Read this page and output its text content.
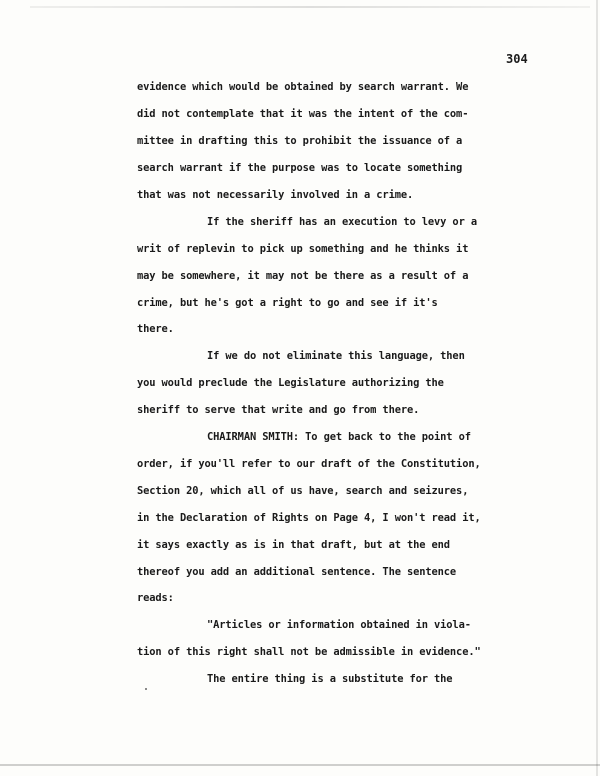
304
evidence which would be obtained by search warrant. We
did not contemplate that it was the intent of the com-
mittee in drafting this to prohibit the issuance of a
search warrant if the purpose was to locate something
that was not necessarily involved in a crime.
If the sheriff has an execution to levy or a
writ of replevin to pick up something and he thinks it
may be somewhere, it may not be there as a result of a
crime, but he's got a right to go and see if it's
there.
If we do not eliminate this language, then
you would preclude the Legislature authorizing the
sheriff to serve that write and go from there.
CHAIRMAN SMITH: To get back to the point of
order, if you'll refer to our draft of the Constitution,
Section 20, which all of us have, search and seizures,
in the Declaration of Rights on Page 4, I won't read it,
it says exactly as is in that draft, but at the end
thereof you add an additional sentence. The sentence
reads:
"Articles or information obtained in viola-
tion of this right shall not be admissible in evidence."
The entire thing is a substitute for the
